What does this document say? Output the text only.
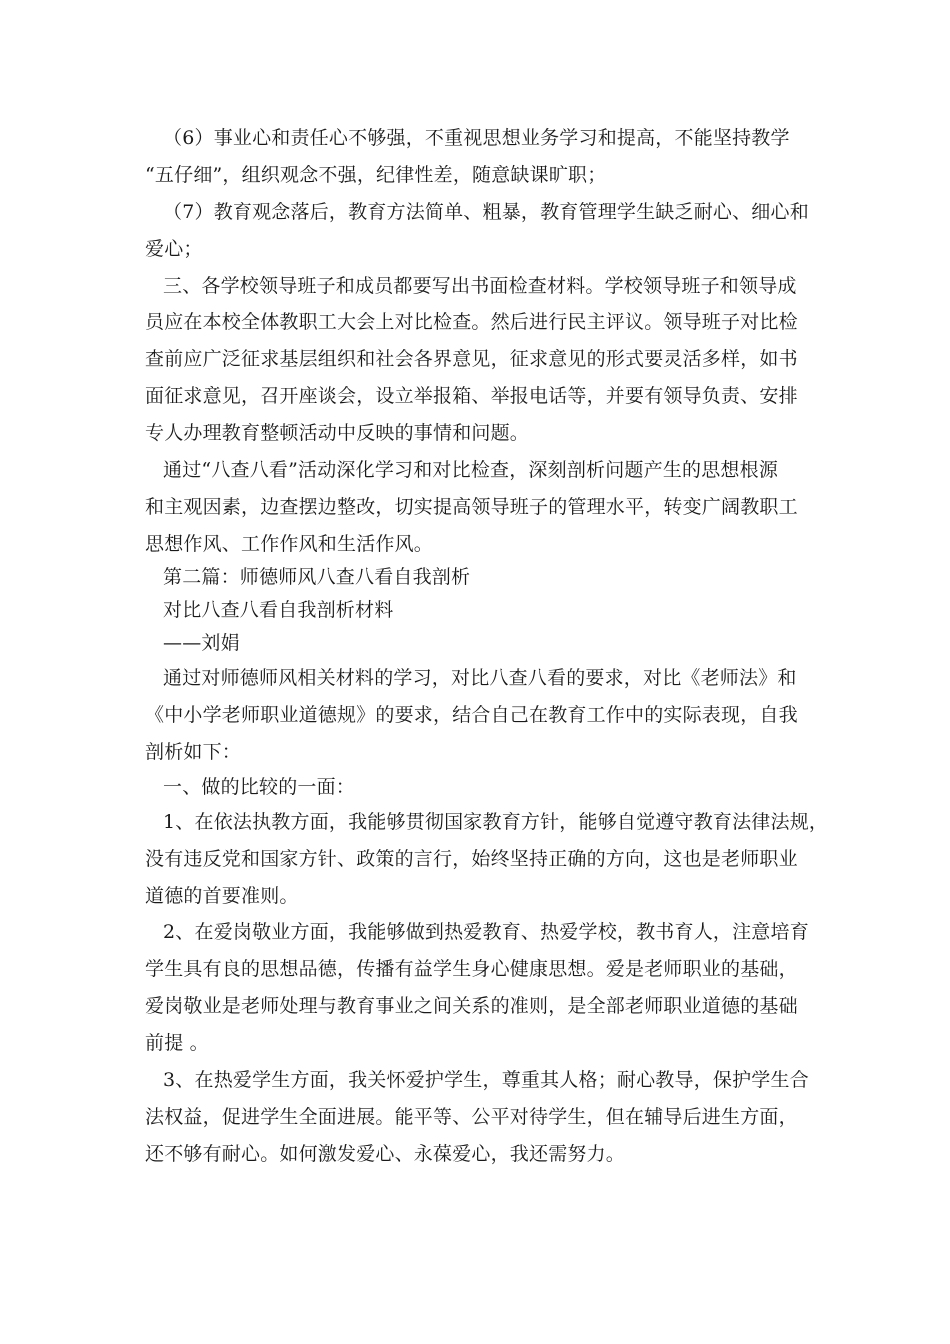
（6）事业心和责任心不够强，不重视思想业务学习和提高，不能坚持教学
“五仔细”，组织观念不强，纪律性差，随意缺课旷职；
（7）教育观念落后，教育方法简单、粗暴，教育管理学生缺乏耐心、细心和
爱心；
三、各学校领导班子和成员都要写出书面检查材料。学校领导班子和领导成
员应在本校全体教职工大会上对比检查。然后进行民主评议。领导班子对比检
查前应广泛征求基层组织和社会各界意见，征求意见的形式要灵活多样，如书
面征求意见，召开座谈会，设立举报箱、举报电话等，并要有领导负责、安排
专人办理教育整顿活动中反映的事情和问题。
通过“八查八看”活动深化学习和对比检查，深刻剖析问题产生的思想根源
和主观因素，边查摆边整改，切实提高领导班子的管理水平，转变广阔教职工
思想作风、工作作风和生活作风。
第二篇：师德师风八查八看自我剖析
对比八查八看自我剖析材料
——刘娟
通过对师德师风相关材料的学习，对比八查八看的要求，对比《老师法》和
《中小学老师职业道德规》的要求，结合自己在教育工作中的实际表现，自我
剖析如下：
一、做的比较的一面：
1、在依法执教方面，我能够贯彻国家教育方针，能够自觉遵守教育法律法规，
没有违反党和国家方针、政策的言行，始终坚持正确的方向，这也是老师职业
道德的首要准则。
2、在爱岗敬业方面，我能够做到热爱教育、热爱学校，教书育人，注意培育
学生具有良的思想品德，传播有益学生身心健康思想。爱是老师职业的基础，
爱岗敬业是老师处理与教育事业之间关系的准则，是全部老师职业道德的基础
前提 。
3、在热爱学生方面，我关怀爱护学生，尊重其人格；耐心教导，保护学生合
法权益，促进学生全面进展。能平等、公平对待学生，但在辅导后进生方面，
还不够有耐心。如何激发爱心、永葆爱心，我还需努力。
